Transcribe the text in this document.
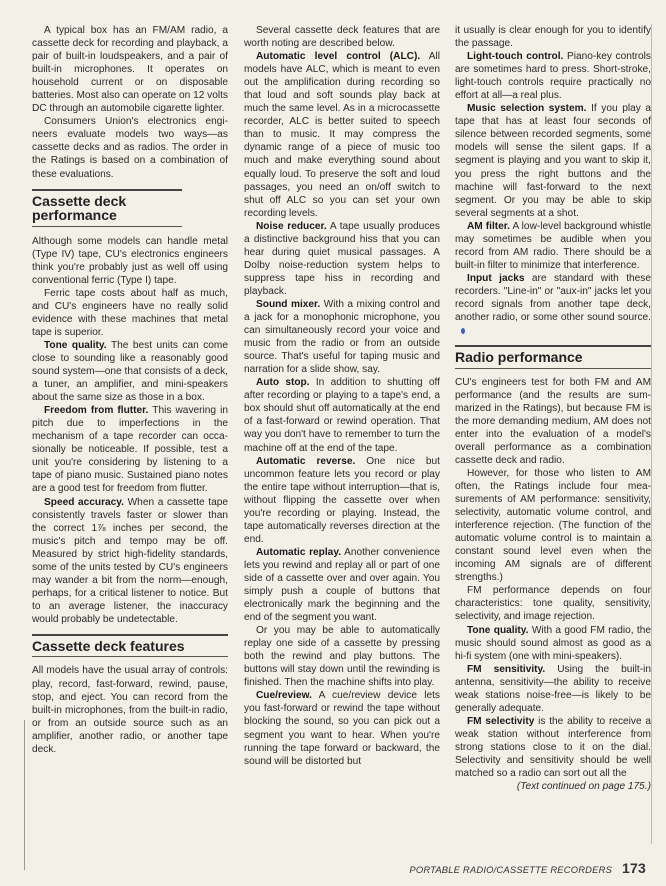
A typical box has an FM/AM radio, a cassette deck for recording and playback, a pair of built-in loudspeakers, and a pair of built-in microphones. It operates on household current or on disposable batteries. Most also can operate on 12 volts DC through an automobile cigarette lighter.

Consumers Union's electronics engineers evaluate models two ways—as cassette decks and as radios. The order in the Ratings is based on a combination of these evaluations.

Cassette deck performance

Although some models can handle metal (Type IV) tape, CU's electronics engineers think you're probably just as well off using conventional ferric (Type I) tape.

Ferric tape costs about half as much, and CU's engineers have no really solid evidence with these machines that metal tape is superior.

Tone quality. The best units can come close to sounding like a reasonably good sound system—one that consists of a deck, a tuner, an amplifier, and mini-speakers about the same size as those in a box.

Freedom from flutter. This wavering in pitch due to imperfections in the mechanism of a tape recorder can occasionally be noticeable. If possible, test a unit you're considering by listening to a tape of piano music. Sustained piano notes are a good test for freedom from flutter.

Speed accuracy. When a cassette tape consistently travels faster or slower than the correct 1⅞ inches per second, the music's pitch and tempo may be off. Measured by strict high-fidelity standards, some of the units tested by CU's engineers may wander a bit from the norm—enough, perhaps, for a critical listener to notice. But to an average listener, the inaccuracy would probably be undetectable.

Cassette deck features

All models have the usual array of controls: play, record, fast-forward, rewind, pause, stop, and eject. You can record from the built-in microphones, from the built-in radio, or from an outside source such as an amplifier, another radio, or another tape deck.

Several cassette deck features that are worth noting are described below.

Automatic level control (ALC). All models have ALC, which is meant to even out the amplification during recording so that loud and soft sounds play back at much the same level. As in a microcassette recorder, ALC is better suited to speech than to music. It may compress the dynamic range of a piece of music too much and make everything sound about equally loud. To preserve the soft and loud passages, you need an on/off switch to shut off ALC so you can set your own recording levels.

Noise reducer. A tape usually produces a distinctive background hiss that you can hear during quiet musical passages. A Dolby noise-reduction system helps to suppress tape hiss in recording and playback.

Sound mixer. With a mixing control and a jack for a monophonic microphone, you can simultaneously record your voice and music from the radio or from an outside source. That's useful for taping music and narration for a slide show, say.

Auto stop. In addition to shutting off after recording or playing to a tape's end, a box should shut off automatically at the end of a fast-forward or rewind operation. That way you don't have to remember to turn the machine off at the end of the tape.

Automatic reverse. One nice but uncommon feature lets you record or play the entire tape without interruption—that is, without flipping the cassette over when you're recording or playing. Instead, the tape automatically reverses direction at the end.

Automatic replay. Another convenience lets you rewind and replay all or part of one side of a cassette over and over again. You simply push a couple of buttons that electronically mark the beginning and the end of the segment you want.

Or you may be able to automatically replay one side of a cassette by pressing both the rewind and play buttons. The buttons will stay down until the rewinding is finished. Then the machine shifts into play.

Cue/review. A cue/review device lets you fast-forward or rewind the tape without blocking the sound, so you can pick out a segment you want to hear. When you're running the tape forward or backward, the sound will be distorted but

it usually is clear enough for you to identify the passage.

Light-touch control. Piano-key controls are sometimes hard to press. Short-stroke, light-touch controls require practically no effort at all—a real plus.

Music selection system. If you play a tape that has at least four seconds of silence between recorded segments, some models will sense the silent gaps. If a segment is playing and you want to skip it, you press the right buttons and the machine will fast-forward to the next segment. Or you may be able to skip several segments at a shot.

AM filter. A low-level background whistle may sometimes be audible when you record from AM radio. There should be a built-in filter to minimize that interference.

Input jacks are standard with these recorders. "Line-in" or "aux-in" jacks let you record signals from another tape deck, another radio, or some other sound source.

Radio performance

CU's engineers test for both FM and AM performance (and the results are summarized in the Ratings), but because FM is the more demanding medium, AM does not enter into the evaluation of a model's overall performance as a combination cassette deck and radio.

However, for those who listen to AM often, the Ratings include four measurements of AM performance: sensitivity, selectivity, automatic volume control, and interference rejection. (The function of the automatic volume control is to maintain a constant sound level even when the incoming AM signals are of different strengths.)

FM performance depends on four characteristics: tone quality, sensitivity, selectivity, and image rejection.

Tone quality. With a good FM radio, the music should sound almost as good as a hi-fi system (one with mini-speakers).

FM sensitivity. Using the built-in antenna, sensitivity—the ability to receive weak stations noise-free—is likely to be generally adequate.

FM selectivity is the ability to receive a weak station without interference from strong stations close to it on the dial. Selectivity and sensitivity should be well matched so a radio can sort out all the

(Text continued on page 175.)

PORTABLE RADIO/CASSETTE RECORDERS 173
